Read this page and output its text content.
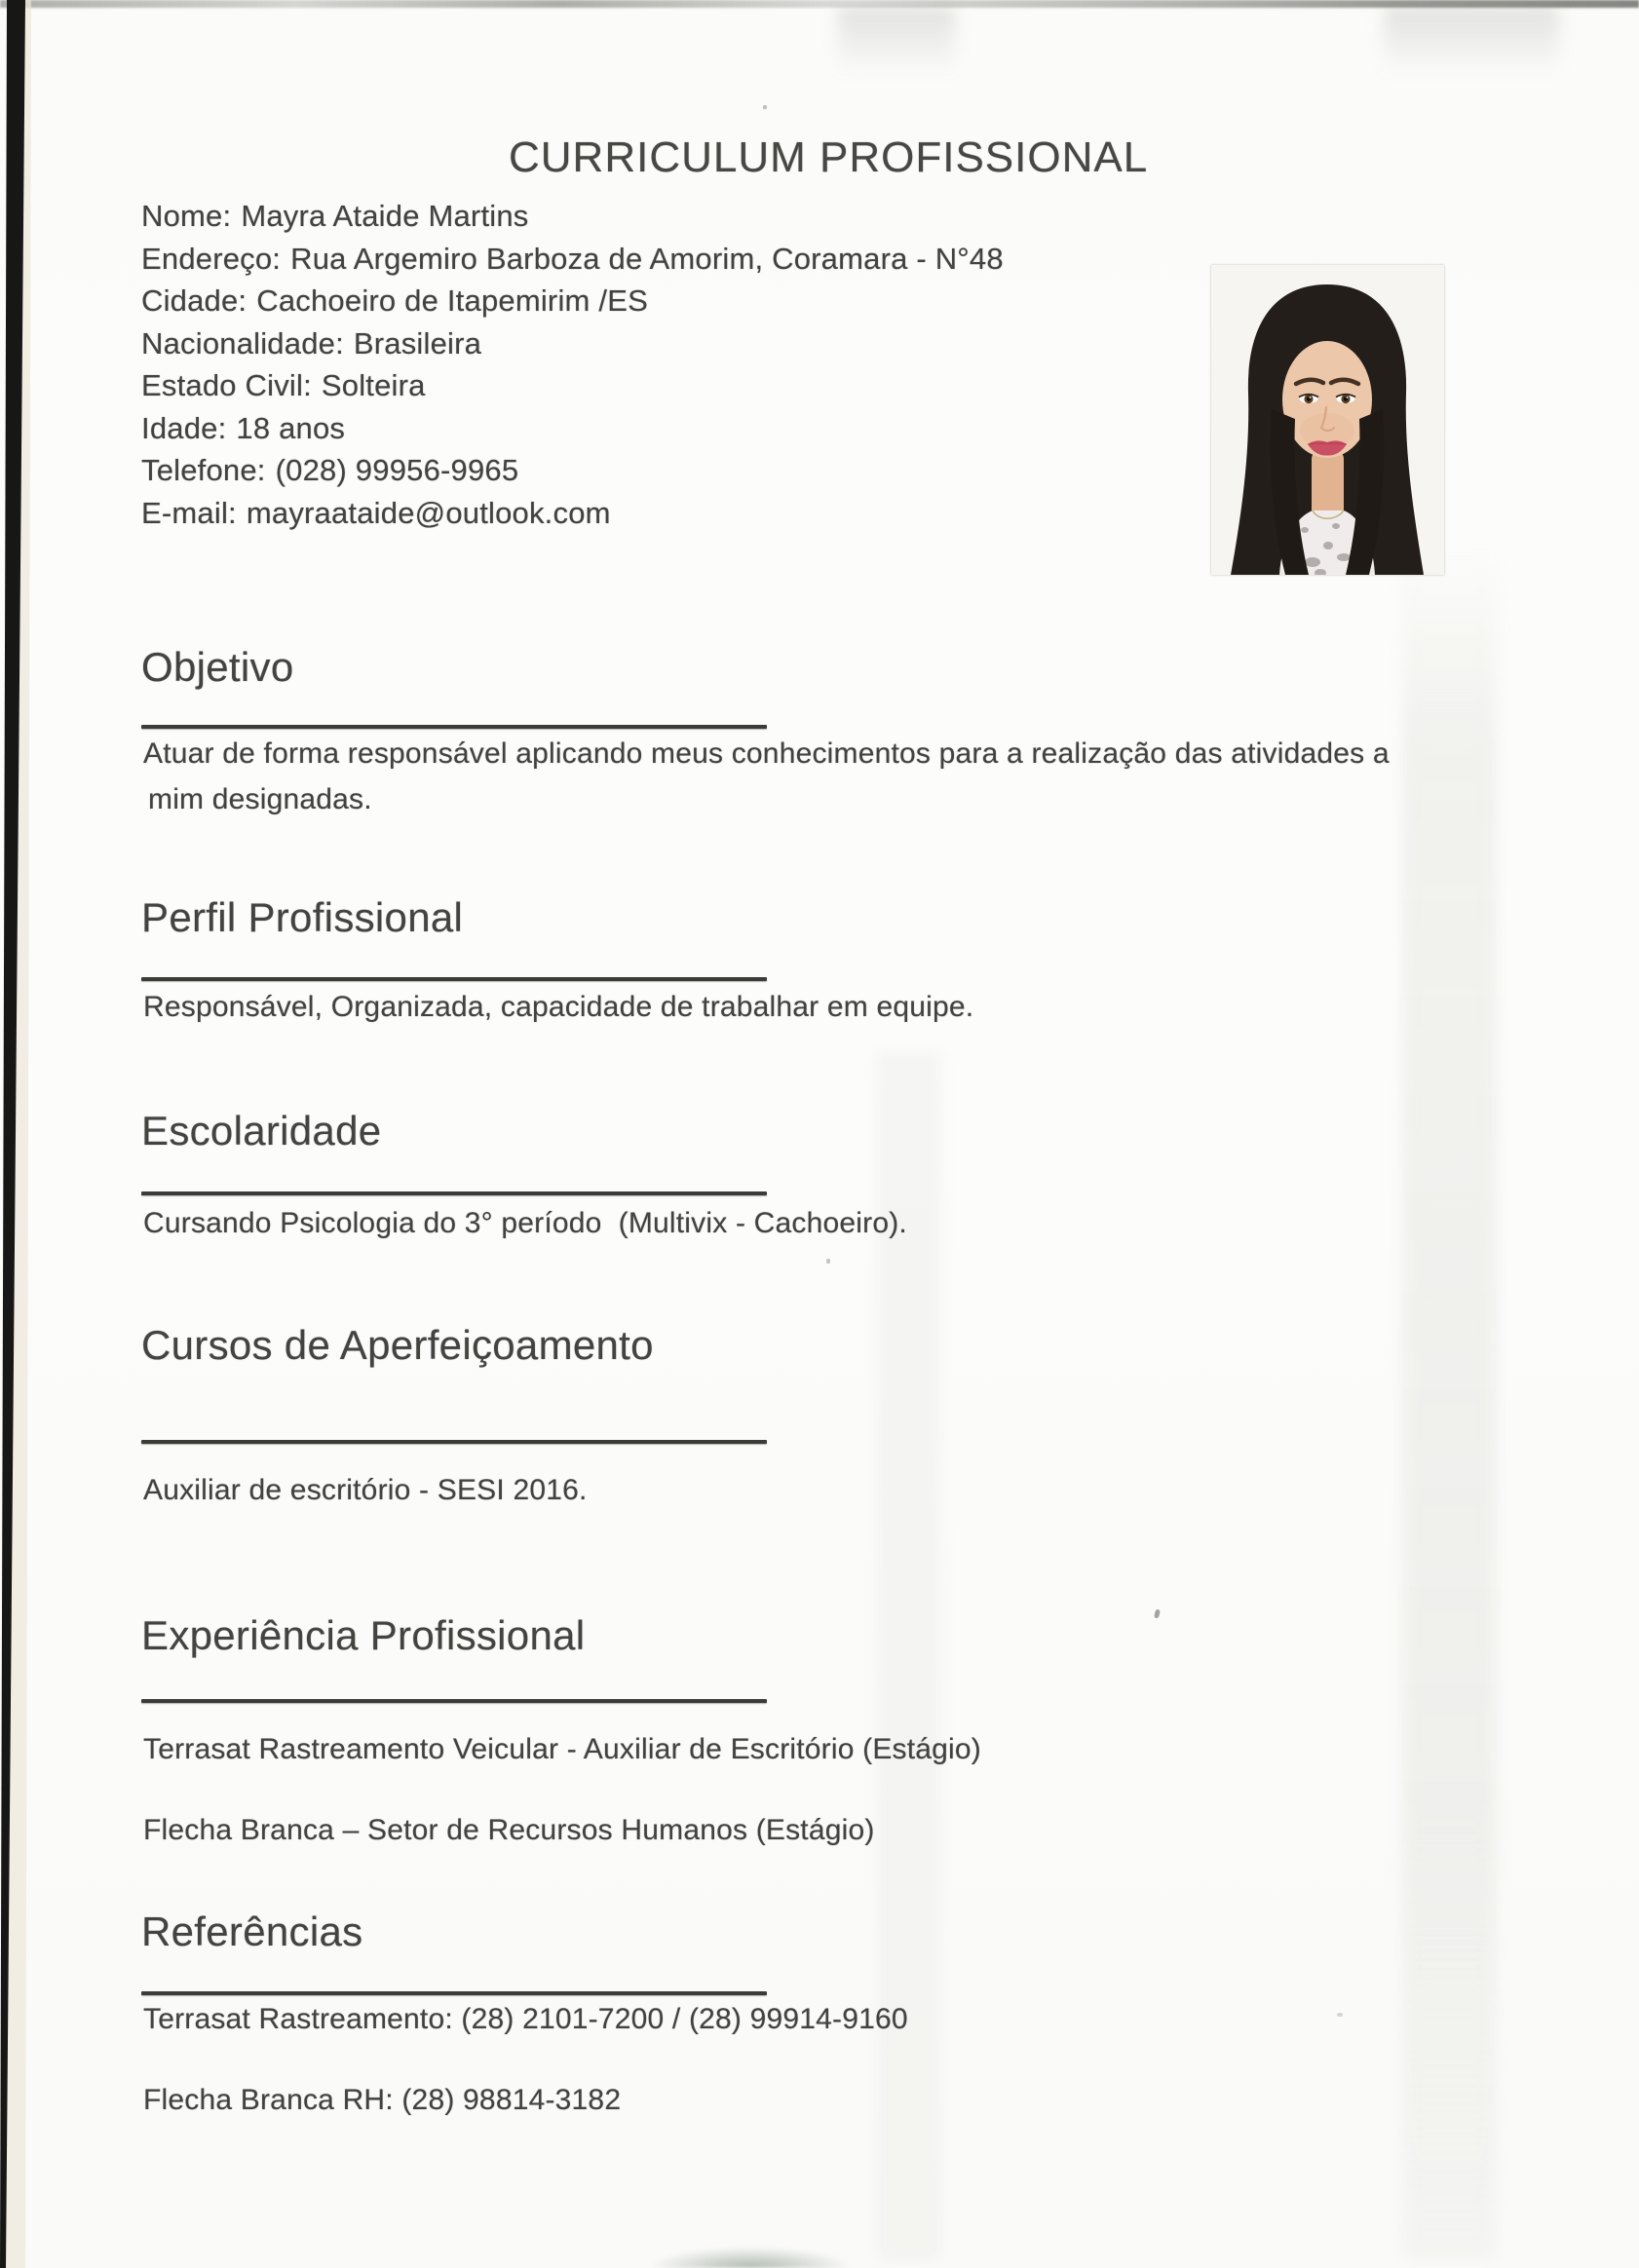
CURRICULUM PROFISSIONAL
Nome: Mayra Ataide Martins
Endereço: Rua Argemiro Barboza de Amorim, Coramara - N°48
Cidade: Cachoeiro de Itapemirim /ES
Nacionalidade: Brasileira
Estado Civil: Solteira
Idade: 18 anos
Telefone: (028) 99956-9965
E-mail: mayraataide@outlook.com
Objetivo
Atuar de forma responsável aplicando meus conhecimentos para a realização das atividades a
mim designadas.
Perfil Profissional
Responsável, Organizada, capacidade de trabalhar em equipe.
Escolaridade
Cursando Psicologia do 3° período  (Multivix - Cachoeiro).
Cursos de Aperfeiçoamento
Auxiliar de escritório - SESI 2016.
Experiência Profissional
Terrasat Rastreamento Veicular - Auxiliar de Escritório (Estágio)
Flecha Branca – Setor de Recursos Humanos (Estágio)
Referências
Terrasat Rastreamento: (28) 2101-7200 / (28) 99914-9160
Flecha Branca RH: (28) 98814-3182
